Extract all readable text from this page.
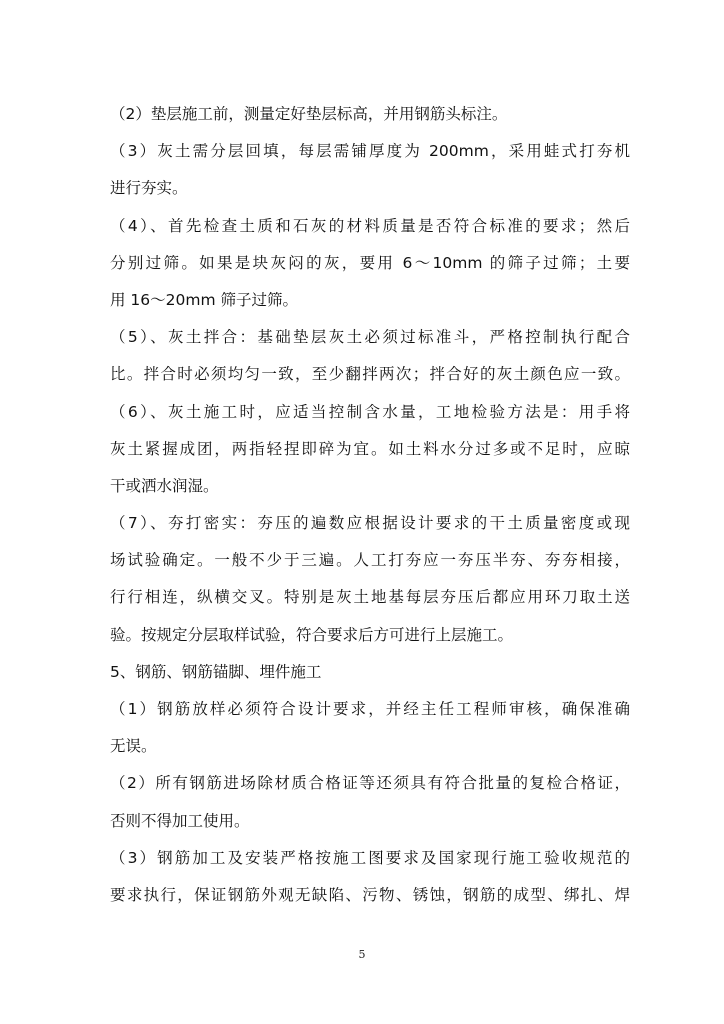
（2）垫层施工前，测量定好垫层标高，并用钢筋头标注。
（3）灰土需分层回填，每层需铺厚度为 200mm，采用蛙式打夯机
进行夯实。
（4）、首先检查土质和石灰的材料质量是否符合标准的要求；然后
分别过筛。如果是块灰闷的灰，要用 6～10mm 的筛子过筛；土要
用 16～20mm 筛子过筛。
（5）、灰土拌合：基础垫层灰土必须过标准斗，严格控制执行配合
比。拌合时必须均匀一致，至少翻拌两次；拌合好的灰土颜色应一致。
（6）、灰土施工时，应适当控制含水量，工地检验方法是：用手将
灰土紧握成团，两指轻捏即碎为宜。如土料水分过多或不足时，应晾
干或洒水润湿。
（7）、夯打密实：夯压的遍数应根据设计要求的干土质量密度或现
场试验确定。一般不少于三遍。人工打夯应一夯压半夯、夯夯相接，
行行相连，纵横交叉。特别是灰土地基每层夯压后都应用环刀取土送
验。按规定分层取样试验，符合要求后方可进行上层施工。
5、钢筋、钢筋锚脚、埋件施工
（1）钢筋放样必须符合设计要求，并经主任工程师审核，确保准确
无误。
（2）所有钢筋进场除材质合格证等还须具有符合批量的复检合格证，
否则不得加工使用。
（3）钢筋加工及安装严格按施工图要求及国家现行施工验收规范的
要求执行，保证钢筋外观无缺陷、污物、锈蚀，钢筋的成型、绑扎、焊
5
